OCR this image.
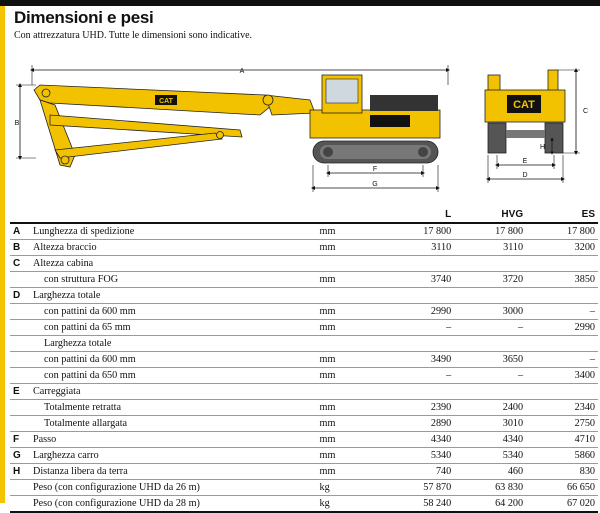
Dimensioni e pesi
Con attrezzatura UHD. Tutte le dimensioni sono indicative.
A
B
CAT
F
G
CAT
C
H
E
D
			L	HVG	ES
A	Lunghezza di spedizione	mm	17 800	17 800	17 800
B	Altezza braccio	mm	3110	3110	3200
C	Altezza cabina				
	con struttura FOG	mm	3740	3720	3850
D	Larghezza totale				
	con pattini da 600 mm	mm	2990	3000	–
	con pattini da 65 mm	mm	–	–	2990
	Larghezza totale				
	con pattini da 600 mm	mm	3490	3650	–
	con pattini da 650 mm	mm	–	–	3400
E	Carreggiata				
	Totalmente retratta	mm	2390	2400	2340
	Totalmente allargata	mm	2890	3010	2750
F	Passo	mm	4340	4340	4710
G	Larghezza carro	mm	5340	5340	5860
H	Distanza libera da terra	mm	740	460	830
	Peso (con configurazione UHD da 26 m)	kg	57 870	63 830	66 650
	Peso (con configurazione UHD da 28 m)	kg	58 240	64 200	67 020
